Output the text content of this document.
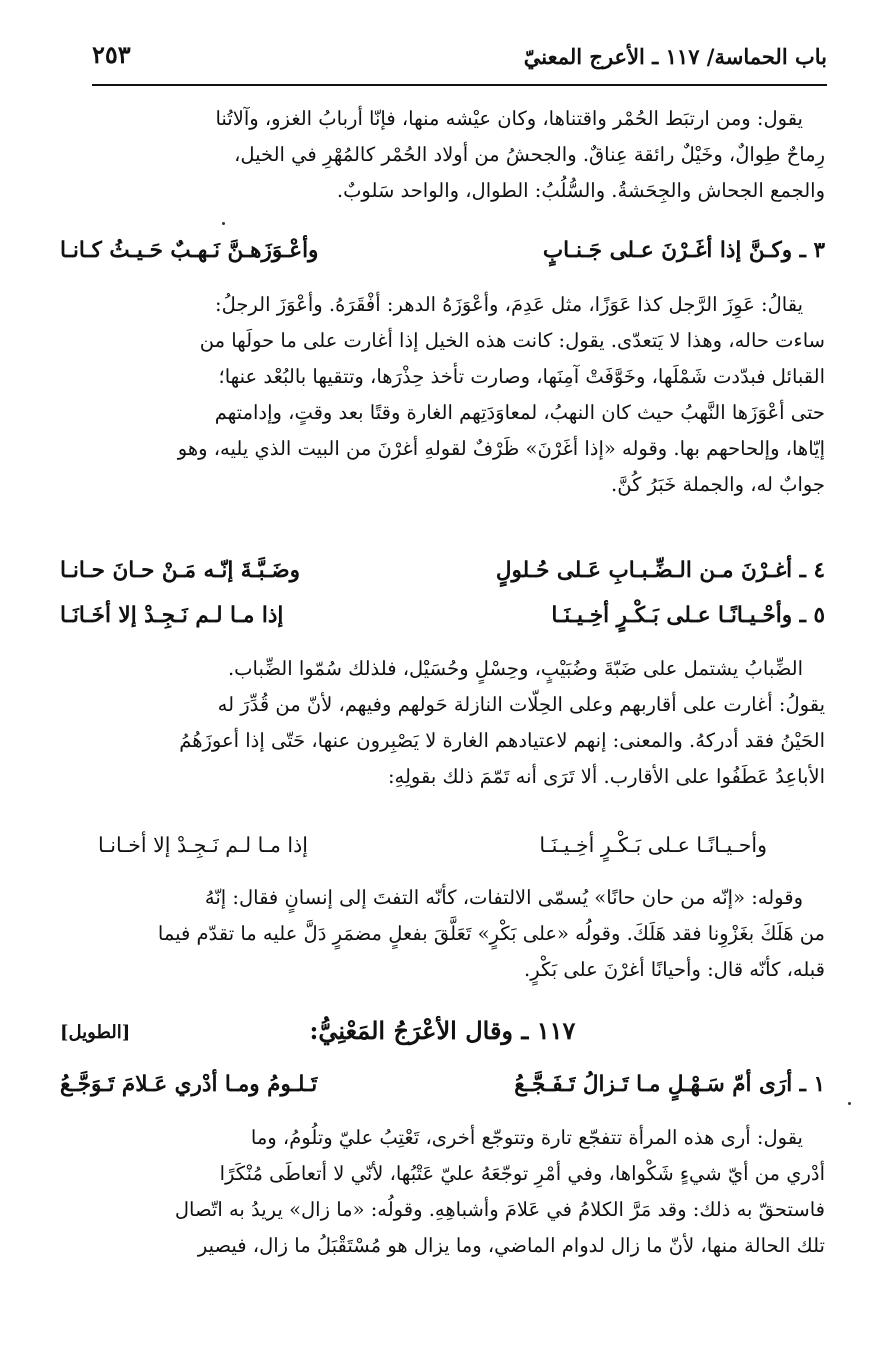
باب الحماسة/ ١١٧ ـ الأعرج المعنيّ
٢٥٣

يقول: ومن ارتبَط الحُمْر واقتناها، وكان عيْشه منها، فإنّا أربابُ الغزو، وآلاتُنا

رِماحٌ طِوالٌ، وخَيْلٌ رائقة عِناقٌ. والجحشُ من أولاد الحُمْر كالمُهْرِ في الخيل،

والجمع الجحاش والجِحَشةُ. والسُّلُبُ: الطوال، والواحد سَلوبٌ.

٣ ـ وكـنَّ إذا أغَـرْنَ عـلى جَـنـابٍ
وأعْـوَزَهـنَّ نَـهـبٌ حَـيـثُ كـانـا

يقالُ: عَوِزَ الرَّجل كذا عَوَزًا، مثل عَدِمَ، وأعْوَزَهُ الدهر: أفْقَرَهُ. وأعْوَزَ الرجلُ:

ساءت حاله، وهذا لا يَتعدّى. يقول: كانت هذه الخيل إذا أغارت على ما حولَها من

القبائل فبدّدت شَمْلَها، وخَوَّفَتْ آمِنَها، وصارت تأخذ حِذْرَها، وتتقيها بالبُعْد عنها؛

حتى أعْوَزَها النَّهبُ حيث كان النهبُ، لمعاوَدَتِهم الغارة وقتًا بعد وقتٍ، وإدامتهم

إيّاها، وإلحاحهم بها. وقوله «إذا أغَرْنَ» ظَرْفٌ لقولهِ أغرْنَ من البيت الذي يليه، وهو

جوابٌ له، والجملة خَبَرُ كُنَّ.

٤ ـ أغـرْنَ مـن الـضِّـبـابِ عَـلى حُـلولٍ
وضَـبَّـةَ إنّـه مَـنْ حـانَ حـانـا
٥ ـ وأحْـيـانًـا عـلى بَـكْـرٍ أخِـيـنَـا
إذا مـا لـم نَـجِـدْ إلا أخَـانَـا

الضِّبابُ يشتمل على ضَبّةَ وضُبَيْبٍ، وحِسْلٍ وحُسَيْل، فلذلك سُمّوا الضِّباب.

يقولُ: أغارت على أقاربهم وعلى الحِلّات النازلة حَولهم وفيهم، لأنّ من قُدِّرَ له

الحَيْنُ فقد أدركهُ. والمعنى: إنهم لاعتيادهم الغارة لا يَصْبِرون عنها، حَتّى إذا أعوزَهُمُ

الأباعِدُ عَطَفُوا على الأقارب. ألا تَرَى أنه تَمّمَ ذلك بقولِهِ:

وأحـيـانًـا عـلى بَـكْـرٍ أخِـيـنَـا
إذا مـا لـم نَـجِـدْ إلا أخـانـا

وقوله: «إنّه من حان حانًا» يُسمّى الالتفات، كأنّه التفتَ إلى إنسانٍ فقال: إنّهُ

من هَلَكَ بغَزْوِنا فقد هَلَكَ. وقولُه «على بَكْرٍ» تَعَلَّقَ بفعلٍ مضمَرٍ دَلَّ عليه ما تقدّم فيما

قبله، كأنّه قال: وأحيانًا أغرْنَ على بَكْرٍ.

١١٧ ـ وقال الأعْرَجُ المَعْنِيُّ:
[الطويل]
١ ـ أرَى أمّ سَـهْـلٍ مـا تَـزالُ تَـفَـجَّـعُ
تَـلـومُ ومـا أدْري عَـلامَ تَـوَجَّـعُ

يقول: أرى هذه المرأة تتفجّع تارة وتتوجّع أخرى، تَعْتِبُ عليّ وتلُومُ، وما

أدْري من أيّ شيءٍ شَكْواها، وفي أمْرِ توجّعَهُ عليّ عَتْبُها، لأنّي لا أتعاطَى مُنْكَرًا

فاستحقّ به ذلك: وقد مَرَّ الكلامُ في عَلامَ وأشباهِهِ. وقولُه: «ما زال» يريدُ به اتّصال

تلك الحالة منها، لأنّ ما زال لدوام الماضي، وما يزال هو مُسْتَقْبَلُ ما زال، فيصير
